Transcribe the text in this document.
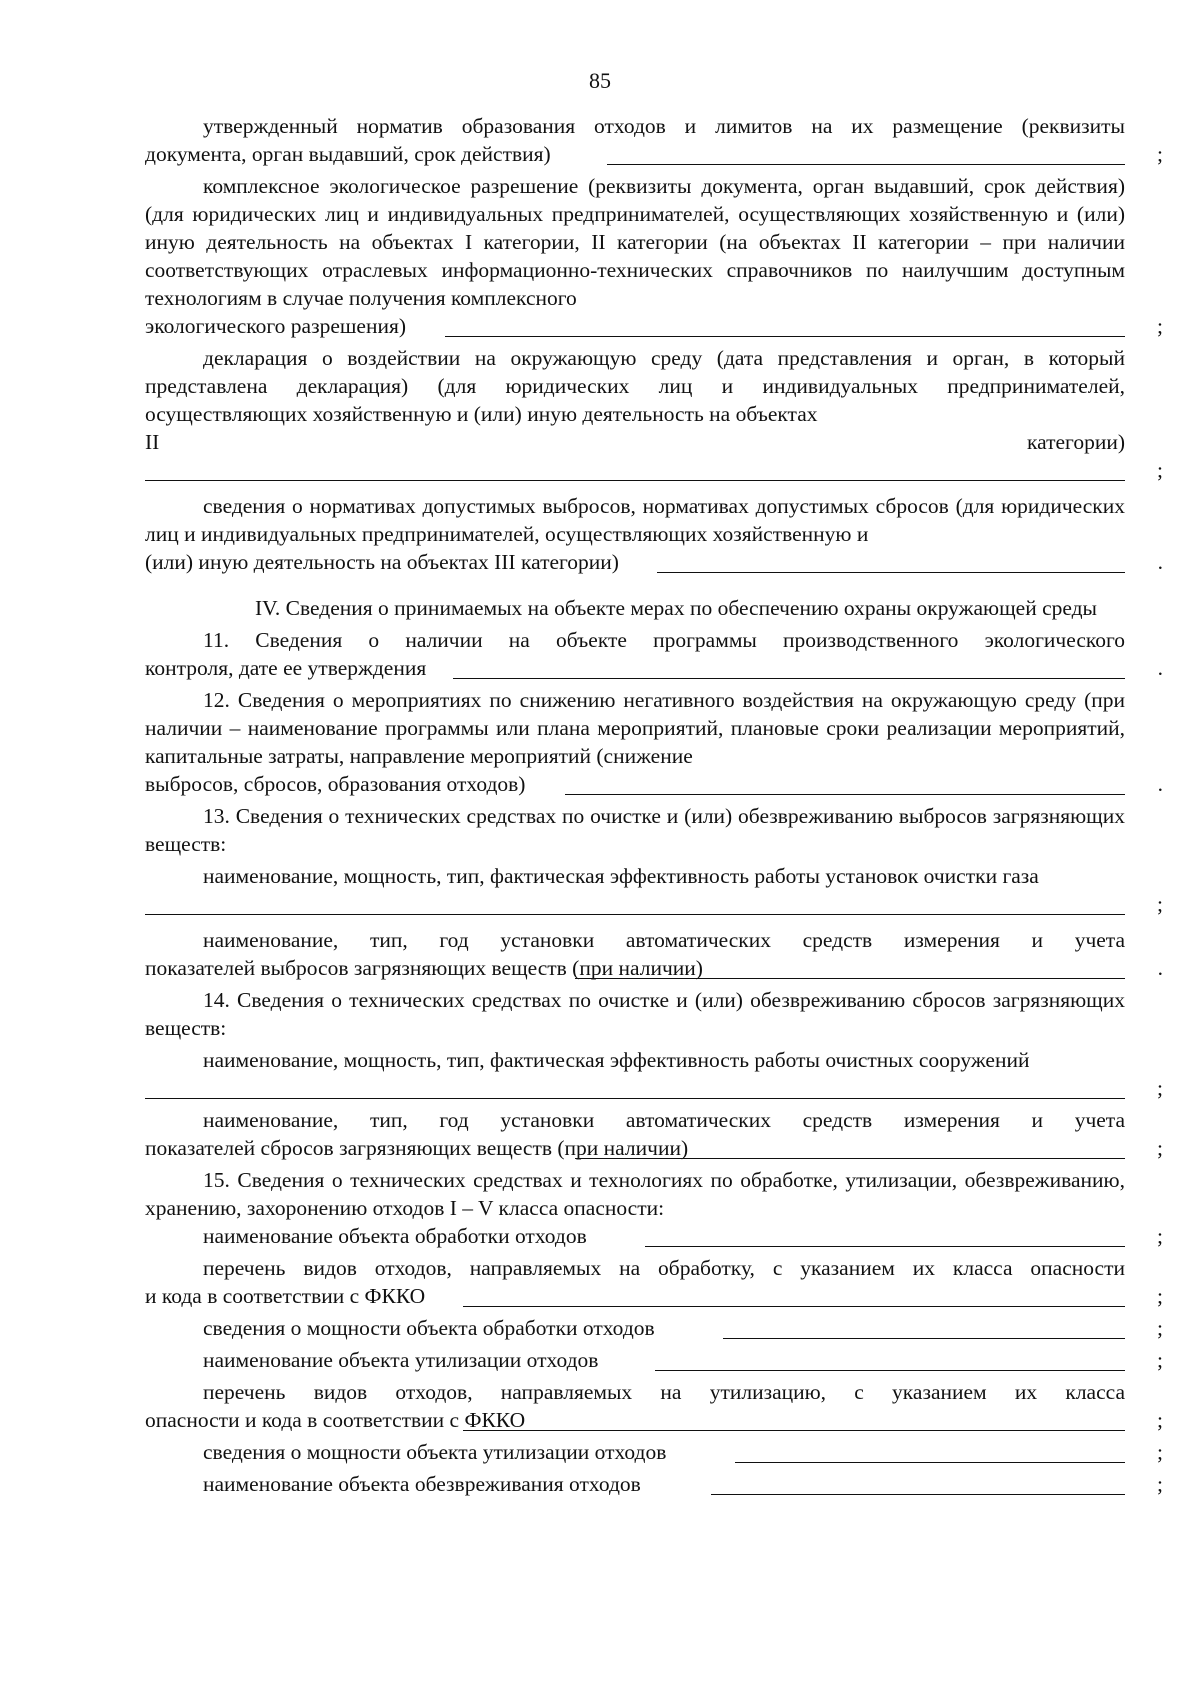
85

утвержденный норматив образования отходов и лимитов на их размещение (реквизиты

документа, орган выдавший, срок действия)	;

комплексное экологическое разрешение (реквизиты документа, орган выдавший, срок действия) (для юридических лиц и индивидуальных предпринимателей, осуществляющих хозяйственную и (или) иную деятельность на объектах I категории, II категории (на объектах II категории – при наличии соответствующих отраслевых информационно-технических справочников по наилучшим доступным технологиям в случае получения комплексного

экологического разрешения)	;

декларация о воздействии на окружающую среду (дата представления и орган, в который представлена декларация) (для юридических лиц и индивидуальных предпринимателей, осуществляющих хозяйственную и (или) иную деятельность на объектах

II	категории)
;

сведения о нормативах допустимых выбросов, нормативах допустимых сбросов (для юридических лиц и индивидуальных предпринимателей, осуществляющих хозяйственную и

(или) иную деятельность на объектах III категории)	.

IV. Сведения о принимаемых на объекте мерах по обеспечению охраны окружающей среды

11. Сведения о наличии на объекте программы производственного экологического

контроля, дате ее утверждения	.

12. Сведения о мероприятиях по снижению негативного воздействия на окружающую среду (при наличии – наименование программы или плана мероприятий, плановые сроки реализации мероприятий, капитальные затраты, направление мероприятий (снижение

выбросов, сбросов, образования отходов)	.

13. Сведения о технических средствах по очистке и (или) обезвреживанию выбросов загрязняющих веществ:

наименование, мощность, тип, фактическая эффективность работы установок очистки газа

;

наименование, тип, год установки автоматических средств измерения и учета

показателей выбросов загрязняющих веществ (при наличии)	.

14. Сведения о технических средствах по очистке и (или) обезвреживанию сбросов загрязняющих веществ:

наименование, мощность, тип, фактическая эффективность работы очистных сооружений

;

наименование, тип, год установки автоматических средств измерения и учета

показателей сбросов загрязняющих веществ (при наличии)	;

15. Сведения о технических средствах и технологиях по обработке, утилизации, обезвреживанию, хранению, захоронению отходов I – V класса опасности:

наименование объекта обработки отходов	;

перечень видов отходов, направляемых на обработку, с указанием их класса опасности

и кода в соответствии с ФККО	;
сведения о мощности объекта обработки отходов	;
наименование объекта утилизации отходов	;

перечень видов отходов, направляемых на утилизацию, с указанием их класса

опасности и кода в соответствии с ФККО	;
сведения о мощности объекта утилизации отходов	;
наименование объекта обезвреживания отходов	;
